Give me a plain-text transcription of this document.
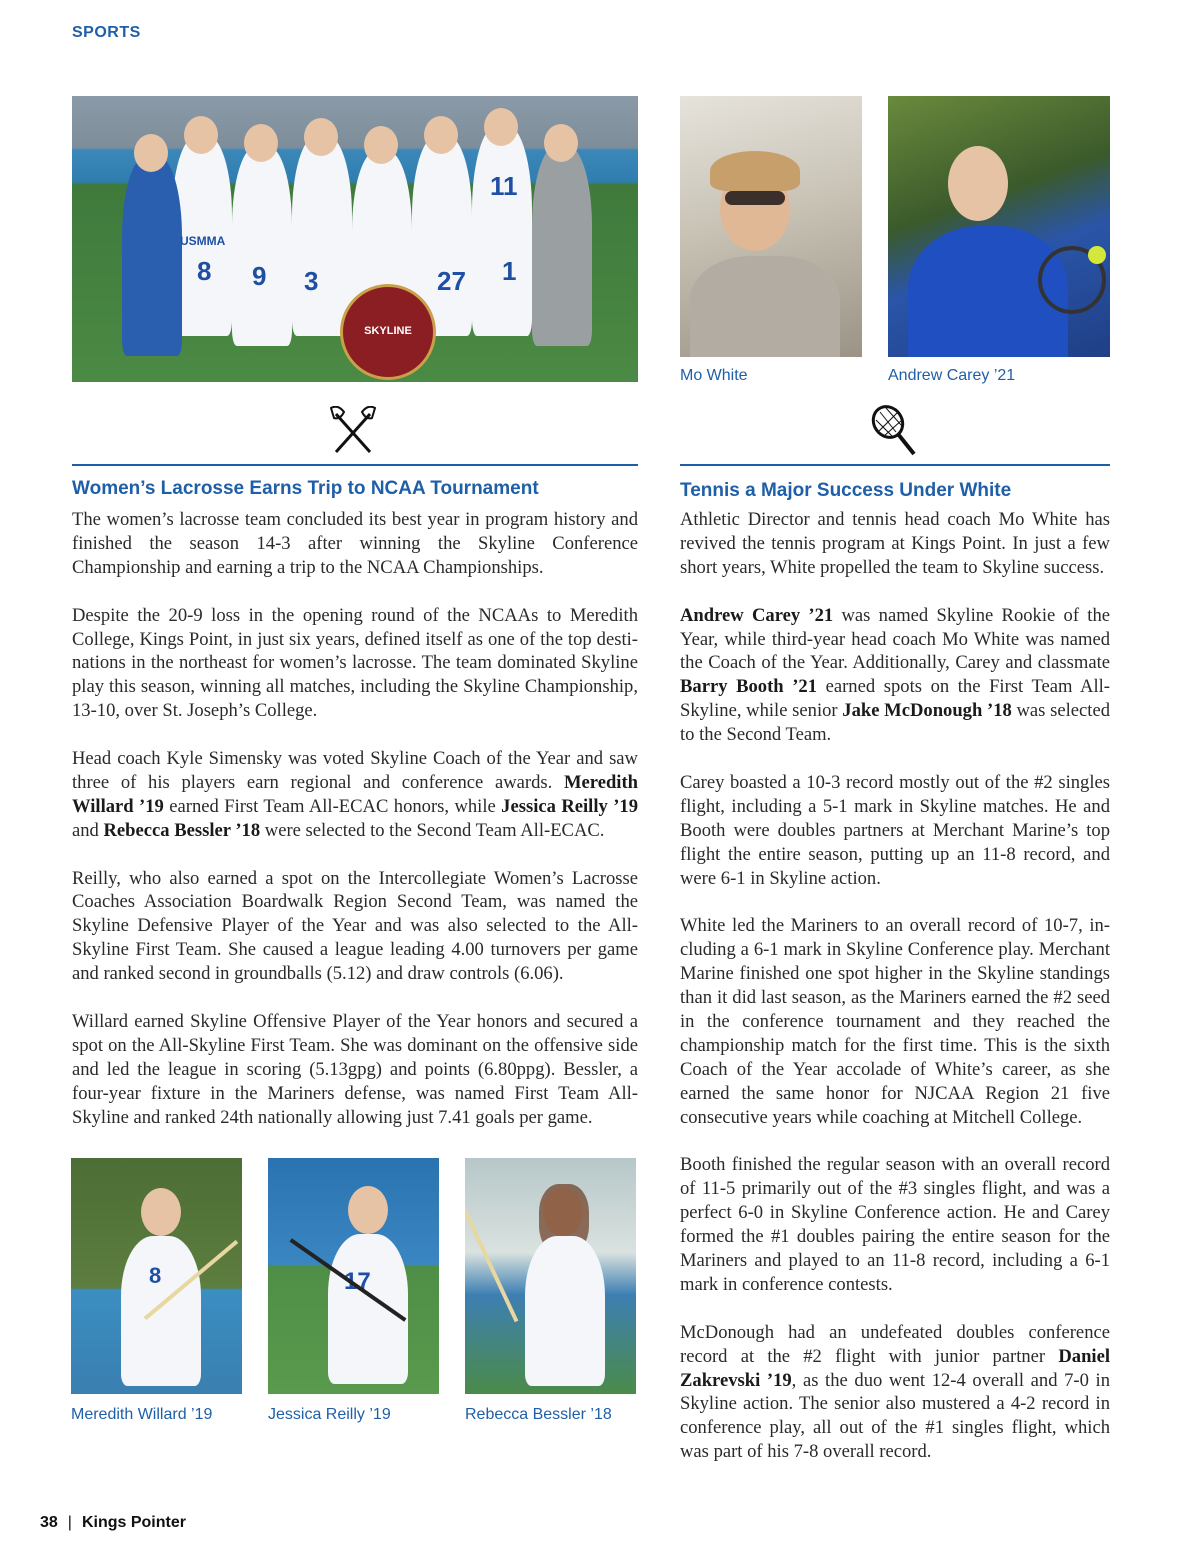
SPORTS
8 9 3	27 1
11
USMMA
SKYLINE
Mo White	Andrew Carey ’21
Women’s Lacrosse Earns Trip to NCAA Tournament	Tennis a Major Success Under White

The women’s lacrosse team concluded its best year in program history and finished the season 14-3 after winning the Skyline Conference Championship and earning a trip to the NCAA Championships.

Despite the 20-9 loss in the opening round of the NCAAs to Meredith College, Kings Point, in just six years, defined itself as one of the top desti-nations in the northeast for women’s lacrosse. The team dominated Skyline play this season, winning all matches, including the Skyline Championship, 13-10, over St. Joseph’s College.

Head coach Kyle Simensky was voted Skyline Coach of the Year and saw three of his players earn regional and conference awards. Meredith Willard ’19 earned First Team All-ECAC honors, while Jessica Reilly ’19 and Rebecca Bessler ’18 were selected to the Second Team All-ECAC.

Reilly, who also earned a spot on the Intercollegiate Women’s Lacrosse Coaches Association Boardwalk Region Second Team, was named the Skyline Defensive Player of the Year and was also selected to the All-Skyline First Team. She caused a league leading 4.00 turnovers per game and ranked second in groundballs (5.12) and draw controls (6.06).

Willard earned Skyline Offensive Player of the Year honors and secured a spot on the All-Skyline First Team. She was dominant on the offensive side and led the league in scoring (5.13gpg) and points (6.80ppg). Bessler, a four-year fixture in the Mariners defense, was named First Team All-Skyline and ranked 24th nationally allowing just 7.41 goals per game.

Athletic Director and tennis head coach Mo White has revived the tennis program at Kings Point. In just a few short years, White propelled the team to Skyline success.

Andrew Carey ’21 was named Skyline Rookie of the Year, while third-year head coach Mo White was named the Coach of the Year. Additionally, Carey and classmate Barry Booth ’21 earned spots on the First Team All-Skyline, while senior Jake McDonough ’18 was selected to the Second Team.

Carey boasted a 10-3 record mostly out of the #2 singles flight, including a 5-1 mark in Skyline matches. He and Booth were doubles partners at Merchant Marine’s top flight the entire season, putting up an 11-8 record, and were 6-1 in Skyline action.

White led the Mariners to an overall record of 10-7, in-cluding a 6-1 mark in Skyline Conference play. Merchant Marine finished one spot higher in the Skyline standings than it did last season, as the Mariners earned the #2 seed in the conference tournament and they reached the championship match for the first time. This is the sixth Coach of the Year accolade of White’s career, as she earned the same honor for NJCAA Region 21 five consecutive years while coaching at Mitchell College.

Booth finished the regular season with an overall record of 11-5 primarily out of the #3 singles flight, and was a perfect 6-0 in Skyline Conference action. He and Carey formed the #1 doubles pairing the entire season for the Mariners and played to an 11-8 record, including a 6-1 mark in conference contests.

McDonough had an undefeated doubles conference record at the #2 flight with junior partner Daniel Zakrevski ’19, as the duo went 12-4 overall and 7-0 in Skyline action. The senior also mustered a 4-2 record in conference play, all out of the #1 singles flight, which was part of his 7-8 overall record.

8
Meredith Willard ’19
17
Jessica Reilly ’19	Rebecca Bessler ’18
38 | Kings Pointer
